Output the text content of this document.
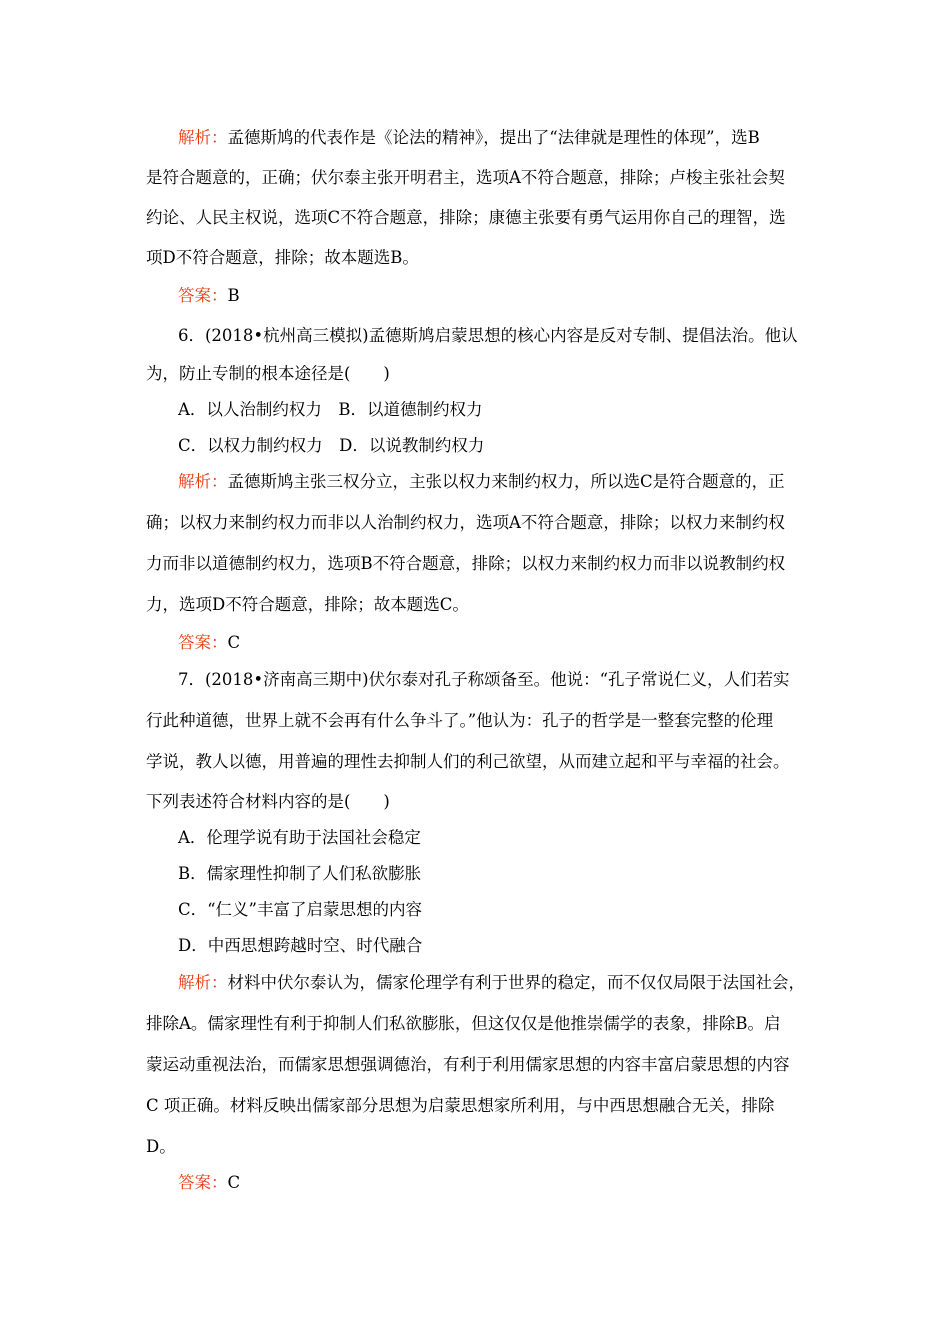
解析：孟德斯鸠的代表作是《论法的精神》，提出了“法律就是理性的体现”，选B
是符合题意的，正确；伏尔泰主张开明君主，选项A不符合题意，排除；卢梭主张社会契
约论、人民主权说，选项C不符合题意，排除；康德主张要有勇气运用你自己的理智，选
项D不符合题意，排除；故本题选B。
答案：B
6．(2018•杭州高三模拟)孟德斯鸠启蒙思想的核心内容是反对专制、提倡法治。他认
为，防止专制的根本途径是(　　)
A．以人治制约权力　B．以道德制约权力
C．以权力制约权力　D．以说教制约权力
解析：孟德斯鸠主张三权分立，主张以权力来制约权力，所以选C是符合题意的，正
确；以权力来制约权力而非以人治制约权力，选项A不符合题意，排除；以权力来制约权
力而非以道德制约权力，选项B不符合题意，排除；以权力来制约权力而非以说教制约权
力，选项D不符合题意，排除；故本题选C。
答案：C
7．(2018•济南高三期中)伏尔泰对孔子称颂备至。他说：“孔子常说仁义，人们若实
行此种道德，世界上就不会再有什么争斗了。”他认为：孔子的哲学是一整套完整的伦理
学说，教人以德，用普遍的理性去抑制人们的利己欲望，从而建立起和平与幸福的社会。
下列表述符合材料内容的是(　　)
A．伦理学说有助于法国社会稳定
B．儒家理性抑制了人们私欲膨胀
C．“仁义”丰富了启蒙思想的内容
D．中西思想跨越时空、时代融合
解析：材料中伏尔泰认为，儒家伦理学有利于世界的稳定，而不仅仅局限于法国社会，
排除A。儒家理性有利于抑制人们私欲膨胀，但这仅仅是他推崇儒学的表象，排除B。启
蒙运动重视法治，而儒家思想强调德治，有利于利用儒家思想的内容丰富启蒙思想的内容
C 项正确。材料反映出儒家部分思想为启蒙思想家所利用，与中西思想融合无关，排除
D。
答案：C
